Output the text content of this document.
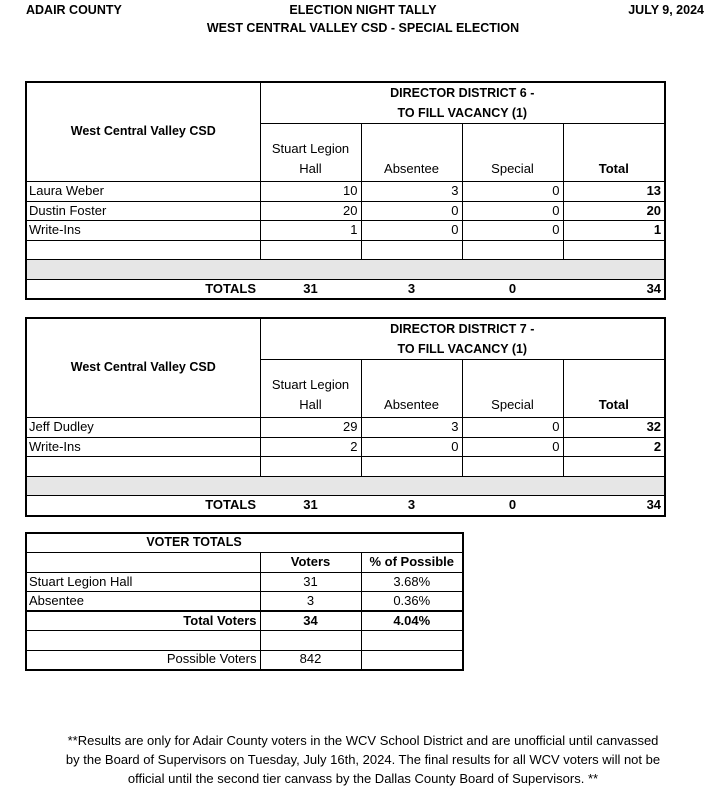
ADAIR COUNTY	ELECTION NIGHT TALLY
WEST CENTRAL VALLEY CSD - SPECIAL ELECTION
JULY 9, 2024
West Central Valley CSD	DIRECTOR DISTRICT 6 -
TO FILL VACANCY (1)			

	Stuart Legion Hall	Absentee	Special	Total
Laura Weber	10	3	0	13
Dustin Foster	20	0	0	20
Write-Ins	1	0	0	1

TOTALS	31	3	0	34
West Central Valley CSD	DIRECTOR DISTRICT 7 -
TO FILL VACANCY (1)			

	Stuart Legion Hall	Absentee	Special	Total
Jeff Dudley	29	3	0	32
Write-Ins	2	0	0	2

TOTALS	31	3	0	34
VOTER TOTALS		
	Voters	% of Possible
Stuart Legion Hall	31	3.68%
Absentee	3	0.36%
Total Voters	34	4.04%

Possible Voters	842	
**Results are only for Adair County voters in the WCV School District and are unofficial until canvassed
by the Board of Supervisors on Tuesday, July 16th, 2024. The final results for all WCV voters will not be
official until the second tier canvass by the Dallas County Board of Supervisors. **
